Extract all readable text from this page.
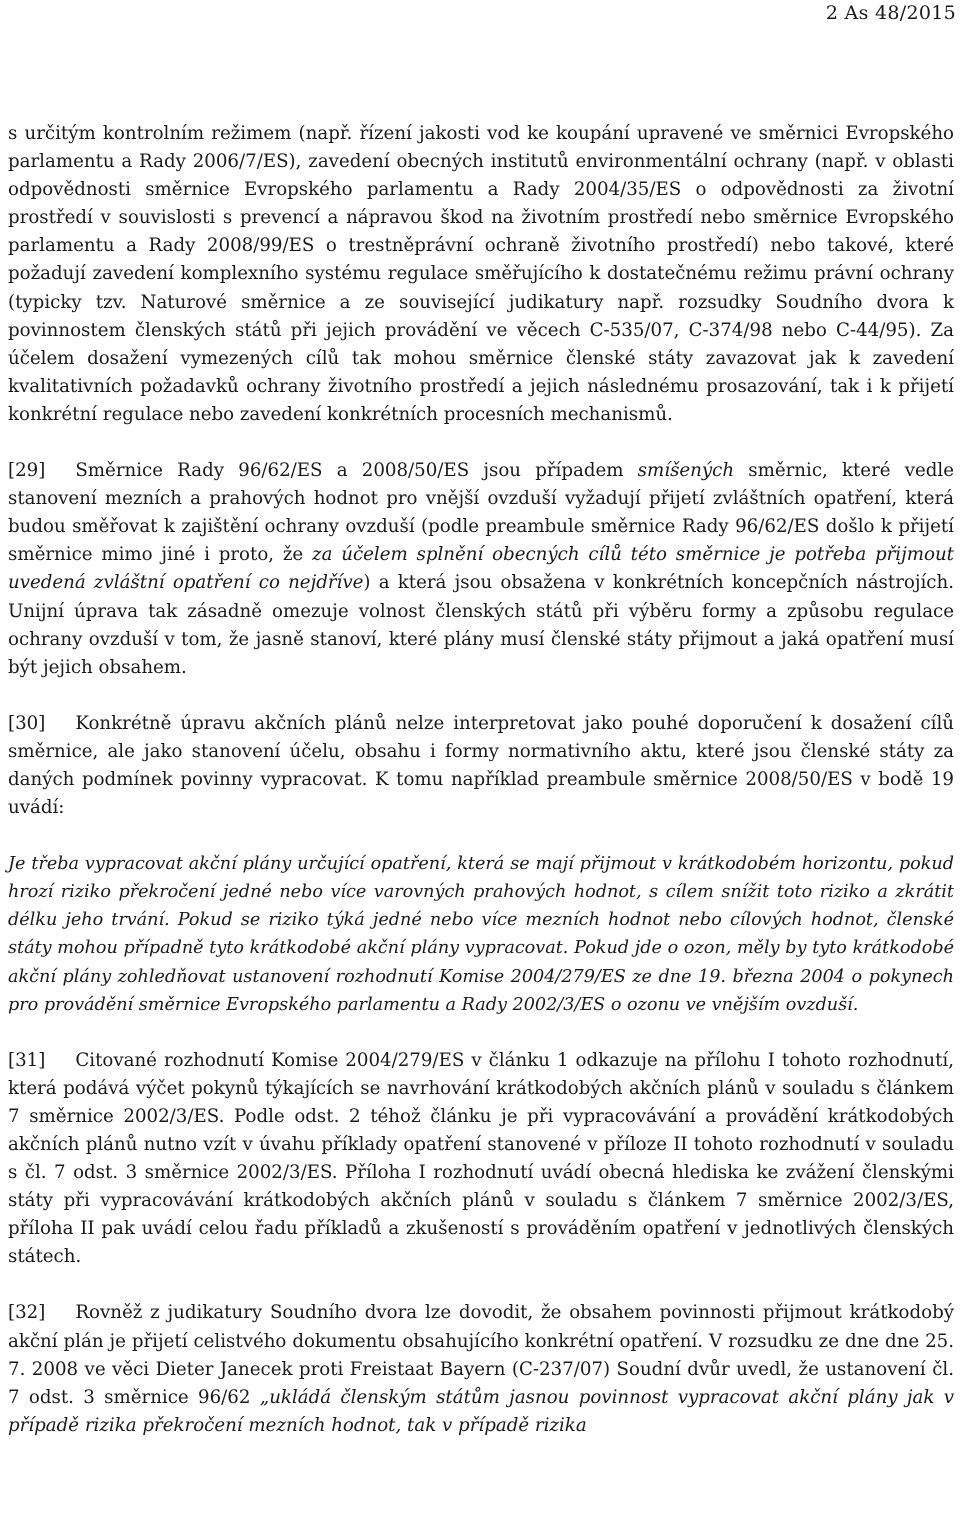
2 As 48/2015

s určitým kontrolním režimem (např. řízení jakosti vod ke koupání upravené ve směrnici Evropského parlamentu a Rady 2006/7/ES), zavedení obecných institutů environmentální ochrany (např. v oblasti odpovědnosti směrnice Evropského parlamentu a Rady 2004/35/ES o odpovědnosti za životní prostředí v souvislosti s prevencí a nápravou škod na životním prostředí nebo směrnice Evropského parlamentu a Rady 2008/99/ES o trestněprávní ochraně životního prostředí) nebo takové, které požadují zavedení komplexního systému regulace směřujícího k dostatečnému režimu právní ochrany (typicky tzv. Naturové směrnice a ze související judikatury např. rozsudky Soudního dvora k povinnostem členských států při jejich provádění ve věcech C-535/07, C-374/98 nebo C-44/95). Za účelem dosažení vymezených cílů tak mohou směrnice členské státy zavazovat jak k zavedení kvalitativních požadavků ochrany životního prostředí a jejich následnému prosazování, tak i k přijetí konkrétní regulace nebo zavedení konkrétních procesních mechanismů.

[29] Směrnice Rady 96/62/ES a 2008/50/ES jsou případem smíšených směrnic, které vedle stanovení mezních a prahových hodnot pro vnější ovzduší vyžadují přijetí zvláštních opatření, která budou směřovat k zajištění ochrany ovzduší (podle preambule směrnice Rady 96/62/ES došlo k přijetí směrnice mimo jiné i proto, že za účelem splnění obecných cílů této směrnice je potřeba přijmout uvedená zvláštní opatření co nejdříve) a která jsou obsažena v konkrétních koncepčních nástrojích. Unijní úprava tak zásadně omezuje volnost členských států při výběru formy a způsobu regulace ochrany ovzduší v tom, že jasně stanoví, které plány musí členské státy přijmout a jaká opatření musí být jejich obsahem.

[30] Konkrétně úpravu akčních plánů nelze interpretovat jako pouhé doporučení k dosažení cílů směrnice, ale jako stanovení účelu, obsahu i formy normativního aktu, které jsou členské státy za daných podmínek povinny vypracovat. K tomu například preambule směrnice 2008/50/ES v bodě 19 uvádí:

Je třeba vypracovat akční plány určující opatření, která se mají přijmout v krátkodobém horizontu, pokud hrozí riziko překročení jedné nebo více varovných prahových hodnot, s cílem snížit toto riziko a zkrátit délku jeho trvání. Pokud se riziko týká jedné nebo více mezních hodnot nebo cílových hodnot, členské státy mohou případně tyto krátkodobé akční plány vypracovat. Pokud jde o ozon, měly by tyto krátkodobé akční plány zohledňovat ustanovení rozhodnutí Komise 2004/279/ES ze dne 19. března 2004 o pokynech pro provádění směrnice Evropského parlamentu a Rady 2002/3/ES o ozonu ve vnějším ovzduší.

[31] Citované rozhodnutí Komise 2004/279/ES v článku 1 odkazuje na přílohu I tohoto rozhodnutí, která podává výčet pokynů týkajících se navrhování krátkodobých akčních plánů v souladu s článkem 7 směrnice 2002/3/ES. Podle odst. 2 téhož článku je při vypracovávání a provádění krátkodobých akčních plánů nutno vzít v úvahu příklady opatření stanovené v příloze II tohoto rozhodnutí v souladu s čl. 7 odst. 3 směrnice 2002/3/ES. Příloha I rozhodnutí uvádí obecná hlediska ke zvážení členskými státy při vypracovávání krátkodobých akčních plánů v souladu s článkem 7 směrnice 2002/3/ES, příloha II pak uvádí celou řadu příkladů a zkušeností s prováděním opatření v jednotlivých členských státech.

[32] Rovněž z judikatury Soudního dvora lze dovodit, že obsahem povinnosti přijmout krátkodobý akční plán je přijetí celistvého dokumentu obsahujícího konkrétní opatření. V rozsudku ze dne dne 25. 7. 2008 ve věci Dieter Janecek proti Freistaat Bayern (C-237/07) Soudní dvůr uvedl, že ustanovení čl. 7 odst. 3 směrnice 96/62 „ukládá členským státům jasnou povinnost vypracovat akční plány jak v případě rizika překročení mezních hodnot, tak v případě rizika
